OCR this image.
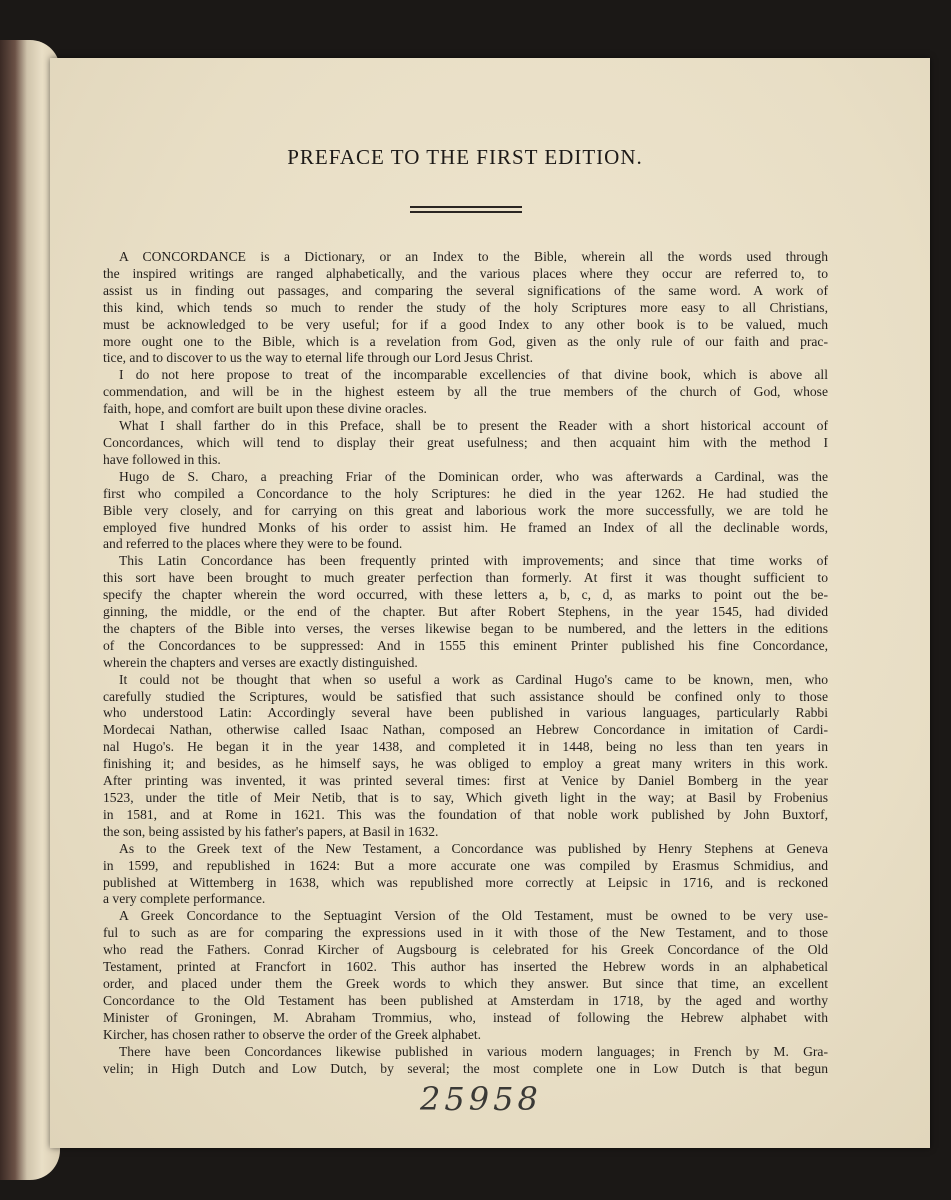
PREFACE TO THE FIRST EDITION.
A CONCORDANCE is a Dictionary, or an Index to the Bible, wherein all the words used through
the inspired writings are ranged alphabetically, and the various places where they occur are referred to, to
assist us in finding out passages, and comparing the several significations of the same word. A work of
this kind, which tends so much to render the study of the holy Scriptures more easy to all Christians,
must be acknowledged to be very useful; for if a good Index to any other book is to be valued, much
more ought one to the Bible, which is a revelation from God, given as the only rule of our faith and prac-
tice, and to discover to us the way to eternal life through our Lord Jesus Christ.
I do not here propose to treat of the incomparable excellencies of that divine book, which is above all
commendation, and will be in the highest esteem by all the true members of the church of God, whose
faith, hope, and comfort are built upon these divine oracles.
What I shall farther do in this Preface, shall be to present the Reader with a short historical account of
Concordances, which will tend to display their great usefulness; and then acquaint him with the method I
have followed in this.
Hugo de S. Charo, a preaching Friar of the Dominican order, who was afterwards a Cardinal, was the
first who compiled a Concordance to the holy Scriptures: he died in the year 1262. He had studied the
Bible very closely, and for carrying on this great and laborious work the more successfully, we are told he
employed five hundred Monks of his order to assist him. He framed an Index of all the declinable words,
and referred to the places where they were to be found.
This Latin Concordance has been frequently printed with improvements; and since that time works of
this sort have been brought to much greater perfection than formerly. At first it was thought sufficient to
specify the chapter wherein the word occurred, with these letters a, b, c, d, as marks to point out the be-
ginning, the middle, or the end of the chapter. But after Robert Stephens, in the year 1545, had divided
the chapters of the Bible into verses, the verses likewise began to be numbered, and the letters in the editions
of the Concordances to be suppressed: And in 1555 this eminent Printer published his fine Concordance,
wherein the chapters and verses are exactly distinguished.
It could not be thought that when so useful a work as Cardinal Hugo's came to be known, men, who
carefully studied the Scriptures, would be satisfied that such assistance should be confined only to those
who understood Latin: Accordingly several have been published in various languages, particularly Rabbi
Mordecai Nathan, otherwise called Isaac Nathan, composed an Hebrew Concordance in imitation of Cardi-
nal Hugo's. He began it in the year 1438, and completed it in 1448, being no less than ten years in
finishing it; and besides, as he himself says, he was obliged to employ a great many writers in this work.
After printing was invented, it was printed several times: first at Venice by Daniel Bomberg in the year
1523, under the title of Meir Netib, that is to say, Which giveth light in the way; at Basil by Frobenius
in 1581, and at Rome in 1621. This was the foundation of that noble work published by John Buxtorf,
the son, being assisted by his father's papers, at Basil in 1632.
As to the Greek text of the New Testament, a Concordance was published by Henry Stephens at Geneva
in 1599, and republished in 1624: But a more accurate one was compiled by Erasmus Schmidius, and
published at Wittemberg in 1638, which was republished more correctly at Leipsic in 1716, and is reckoned
a very complete performance.
A Greek Concordance to the Septuagint Version of the Old Testament, must be owned to be very use-
ful to such as are for comparing the expressions used in it with those of the New Testament, and to those
who read the Fathers. Conrad Kircher of Augsbourg is celebrated for his Greek Concordance of the Old
Testament, printed at Francfort in 1602. This author has inserted the Hebrew words in an alphabetical
order, and placed under them the Greek words to which they answer. But since that time, an excellent
Concordance to the Old Testament has been published at Amsterdam in 1718, by the aged and worthy
Minister of Groningen, M. Abraham Trommius, who, instead of following the Hebrew alphabet with
Kircher, has chosen rather to observe the order of the Greek alphabet.
There have been Concordances likewise published in various modern languages; in French by M. Gra-
velin; in High Dutch and Low Dutch, by several; the most complete one in Low Dutch is that begun
25958
